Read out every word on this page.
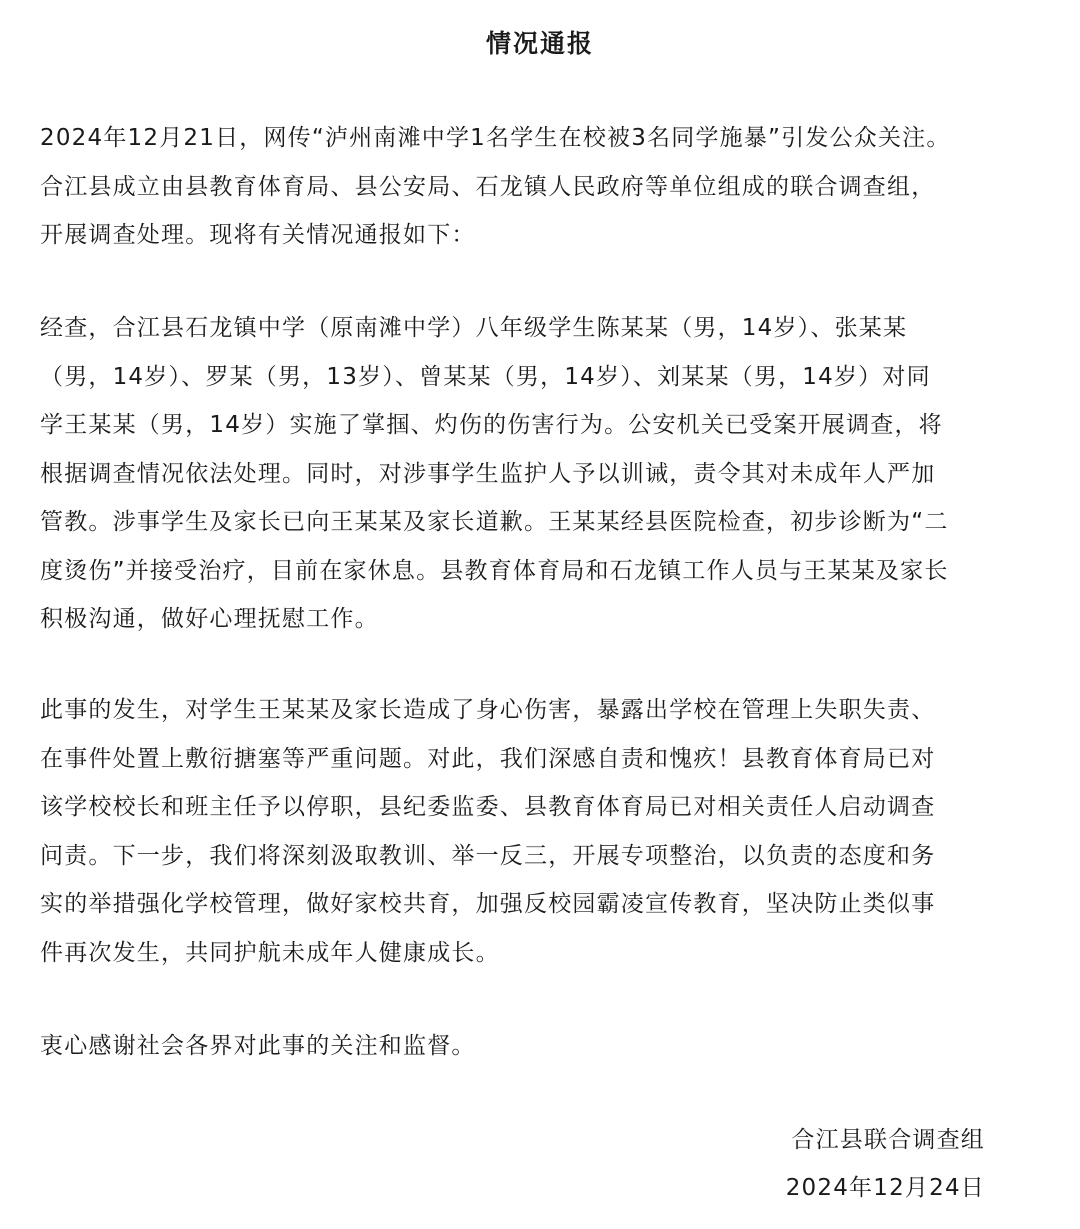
情况通报
2024年12月21日，网传“泸州南滩中学1名学生在校被3名同学施暴”引发公众关注。
合江县成立由县教育体育局、县公安局、石龙镇人民政府等单位组成的联合调查组，
开展调查处理。现将有关情况通报如下：
经查，合江县石龙镇中学（原南滩中学）八年级学生陈某某（男，14岁）、张某某
（男，14岁）、罗某（男，13岁）、曾某某（男，14岁）、刘某某（男，14岁）对同
学王某某（男，14岁）实施了掌掴、灼伤的伤害行为。公安机关已受案开展调查，将
根据调查情况依法处理。同时，对涉事学生监护人予以训诫，责令其对未成年人严加
管教。涉事学生及家长已向王某某及家长道歉。王某某经县医院检查，初步诊断为“二
度烫伤”并接受治疗，目前在家休息。县教育体育局和石龙镇工作人员与王某某及家长
积极沟通，做好心理抚慰工作。
此事的发生，对学生王某某及家长造成了身心伤害，暴露出学校在管理上失职失责、
在事件处置上敷衍搪塞等严重问题。对此，我们深感自责和愧疚！县教育体育局已对
该学校校长和班主任予以停职，县纪委监委、县教育体育局已对相关责任人启动调查
问责。下一步，我们将深刻汲取教训、举一反三，开展专项整治，以负责的态度和务
实的举措强化学校管理，做好家校共育，加强反校园霸凌宣传教育，坚决防止类似事
件再次发生，共同护航未成年人健康成长。
衷心感谢社会各界对此事的关注和监督。
合江县联合调查组
2024年12月24日
